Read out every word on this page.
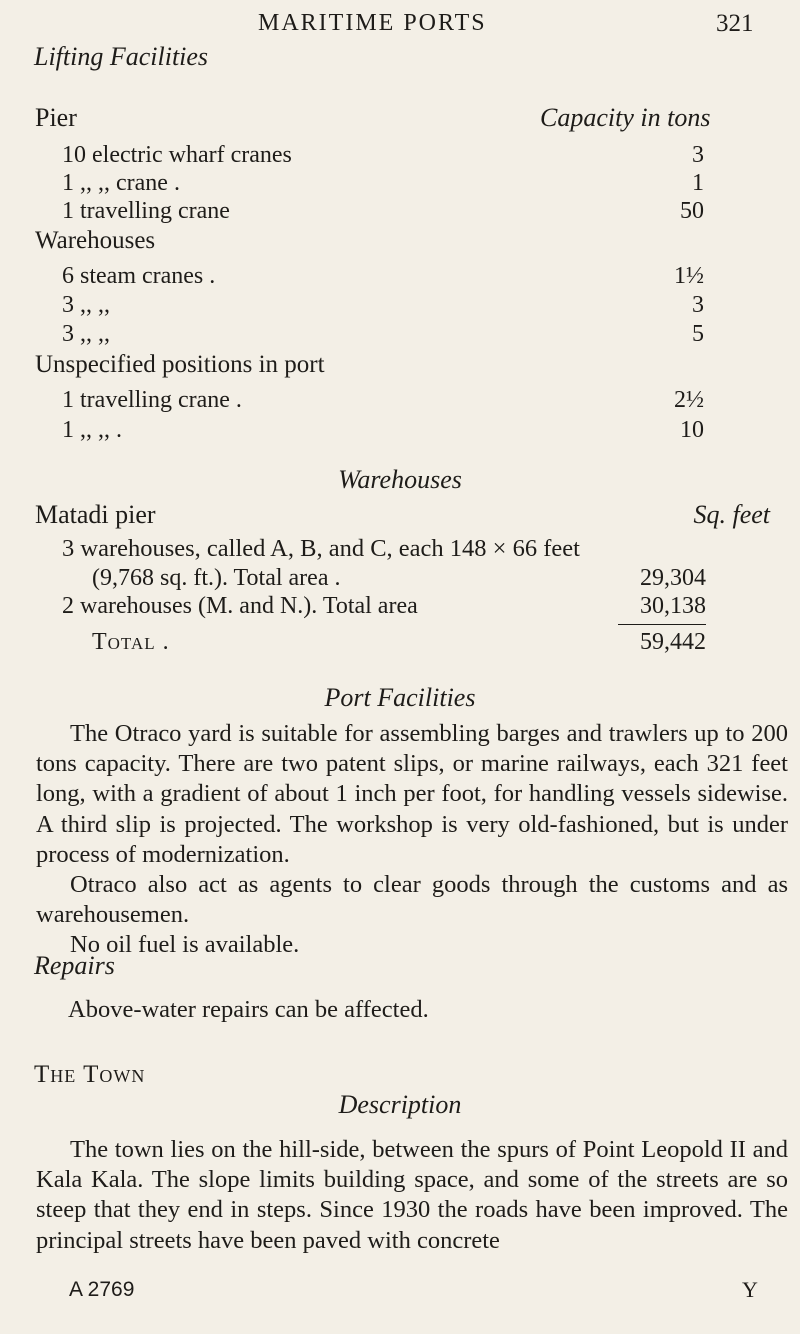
MARITIME PORTS	321
Lifting Facilities
Pier	Capacity in tons
10 electric wharf cranes	3
1 ,, ,, crane .	1
1 travelling crane	50
Warehouses
6 steam cranes .	1½
3 ,, ,,	3
3 ,, ,,	5
Unspecified positions in port
1 travelling crane .	2½
1 ,, ,, .	10
Warehouses
Matadi pier	Sq. feet
3 warehouses, called A, B, and C, each 148 × 66 feet
(9,768 sq. ft.). Total area .	29,304
2 warehouses (M. and N.). Total area	30,138
Total .	59,442
Port Facilities

The Otraco yard is suitable for assembling barges and trawlers up to 200 tons capacity. There are two patent slips, or marine railways, each 321 feet long, with a gradient of about 1 inch per foot, for handling vessels sidewise. A third slip is projected. The workshop is very old-fashioned, but is under process of modernization.

Otraco also act as agents to clear goods through the customs and as warehousemen.

No oil fuel is available.

Repairs
Above-water repairs can be affected.
The Town
Description

The town lies on the hill-side, between the spurs of Point Leopold II and Kala Kala. The slope limits building space, and some of the streets are so steep that they end in steps. Since 1930 the roads have been improved. The principal streets have been paved with concrete

A 2769	Y
